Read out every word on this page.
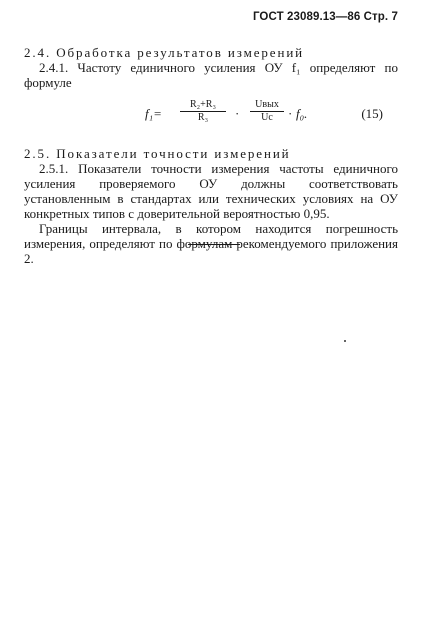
ГОСТ 23089.13—86 Стр. 7

2.4. Обработка результатов измерений

2.4.1. Частоту единичного усиления ОУ f₁ определяют по формуле

f₁=
R₂+R₃
R₃	·
Uвых
Uс	· f₀.	(15)

2.5. Показатели точности измерений

2.5.1. Показатели точности измерения частоты единичного усиления проверяемого ОУ должны соответствовать установленным в стандартах или технических условиях на ОУ конкретных типов с доверительной вероятностью 0,95.

Границы интервала, в котором находится погрешность измерения, определяют по формулам рекомендуемого приложения 2.
